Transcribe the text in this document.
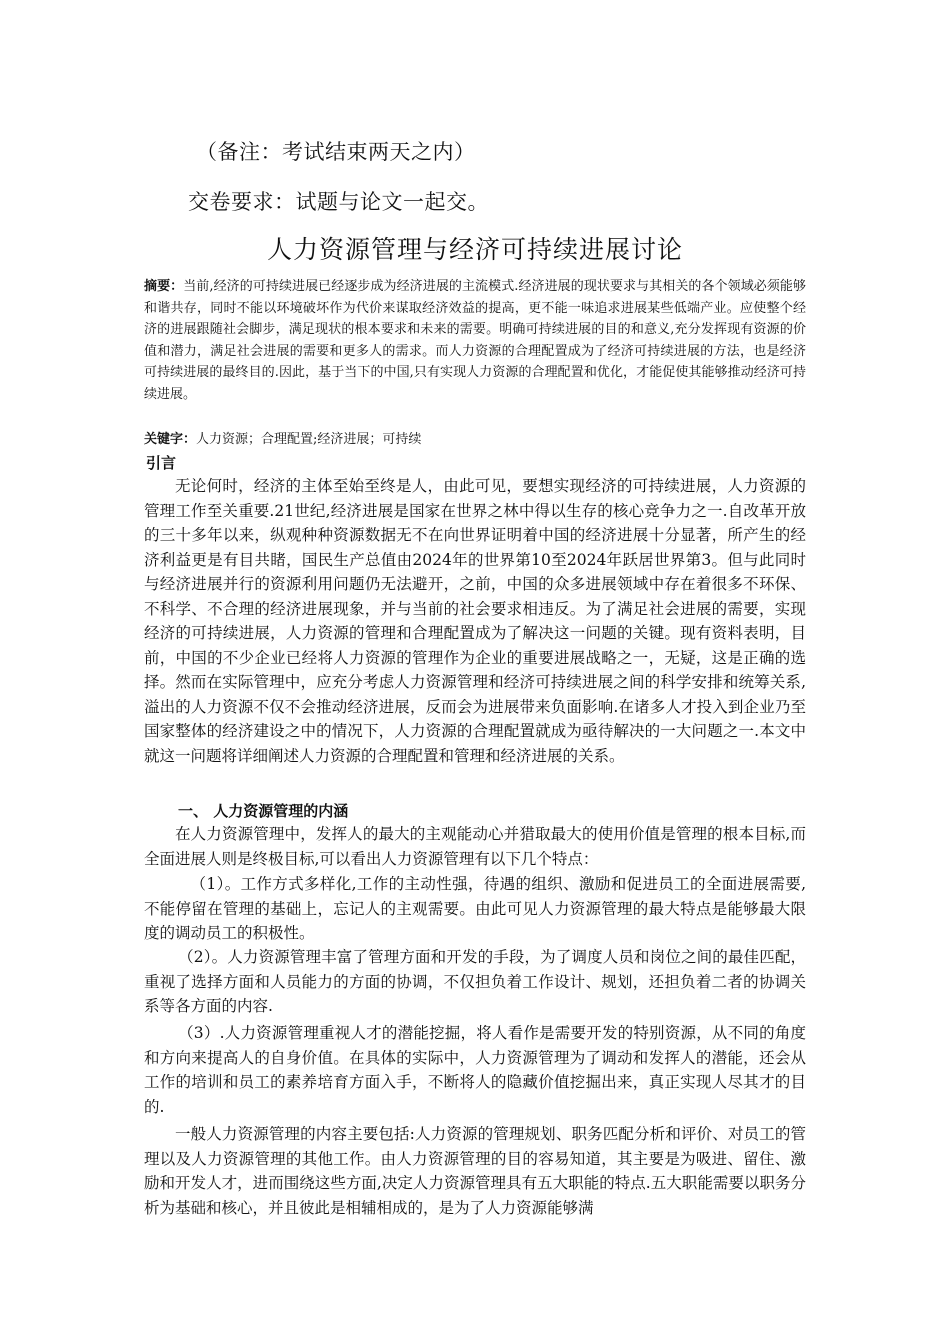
（备注：考试结束两天之内）
交卷要求：试题与论文一起交。
人力资源管理与经济可持续进展讨论
摘要：当前,经济的可持续进展已经逐步成为经济进展的主流模式.经济进展的现状要求与其相关的各个领域必须能够和谐共存，同时不能以环境破坏作为代价来谋取经济效益的提高，更不能一味追求进展某些低端产业。应使整个经济的进展跟随社会脚步，满足现状的根本要求和未来的需要。明确可持续进展的目的和意义,充分发挥现有资源的价值和潜力，满足社会进展的需要和更多人的需求。而人力资源的合理配置成为了经济可持续进展的方法，也是经济可持续进展的最终目的.因此，基于当下的中国,只有实现人力资源的合理配置和优化，才能促使其能够推动经济可持续进展。
关键字：人力资源；合理配置;经济进展；可持续
引言
无论何时，经济的主体至始至终是人，由此可见，要想实现经济的可持续进展，人力资源的管理工作至关重要.21世纪,经济进展是国家在世界之林中得以生存的核心竞争力之一.自改革开放的三十多年以来，纵观种种资源数据无不在向世界证明着中国的经济进展十分显著，所产生的经济利益更是有目共睹，国民生产总值由2024年的世界第10至2024年跃居世界第3。但与此同时与经济进展并行的资源利用问题仍无法避开，之前，中国的众多进展领域中存在着很多不环保、不科学、不合理的经济进展现象，并与当前的社会要求相违反。为了满足社会进展的需要，实现经济的可持续进展，人力资源的管理和合理配置成为了解决这一问题的关键。现有资料表明，目前，中国的不少企业已经将人力资源的管理作为企业的重要进展战略之一，无疑，这是正确的选择。然而在实际管理中，应充分考虑人力资源管理和经济可持续进展之间的科学安排和统筹关系,溢出的人力资源不仅不会推动经济进展，反而会为进展带来负面影响.在诸多人才投入到企业乃至国家整体的经济建设之中的情况下，人力资源的合理配置就成为亟待解决的一大问题之一.本文中就这一问题将详细阐述人力资源的合理配置和管理和经济进展的关系。
一、 人力资源管理的内涵
在人力资源管理中，发挥人的最大的主观能动心并猎取最大的使用价值是管理的根本目标,而全面进展人则是终极目标,可以看出人力资源管理有以下几个特点：
（1）。工作方式多样化,工作的主动性强，待遇的组织、激励和促进员工的全面进展需要,不能停留在管理的基础上，忘记人的主观需要。由此可见人力资源管理的最大特点是能够最大限度的调动员工的积极性。
（2）。人力资源管理丰富了管理方面和开发的手段，为了调度人员和岗位之间的最佳匹配，重视了选择方面和人员能力的方面的协调，不仅担负着工作设计、规划，还担负着二者的协调关系等各方面的内容.
（3）.人力资源管理重视人才的潜能挖掘，将人看作是需要开发的特别资源，从不同的角度和方向来提高人的自身价值。在具体的实际中，人力资源管理为了调动和发挥人的潜能，还会从工作的培训和员工的素养培育方面入手，不断将人的隐藏价值挖掘出来，真正实现人尽其才的目的.
一般人力资源管理的内容主要包括:人力资源的管理规划、职务匹配分析和评价、对员工的管理以及人力资源管理的其他工作。由人力资源管理的目的容易知道，其主要是为吸进、留住、激励和开发人才，进而围绕这些方面,决定人力资源管理具有五大职能的特点.五大职能需要以职务分析为基础和核心，并且彼此是相辅相成的，是为了人力资源能够满
